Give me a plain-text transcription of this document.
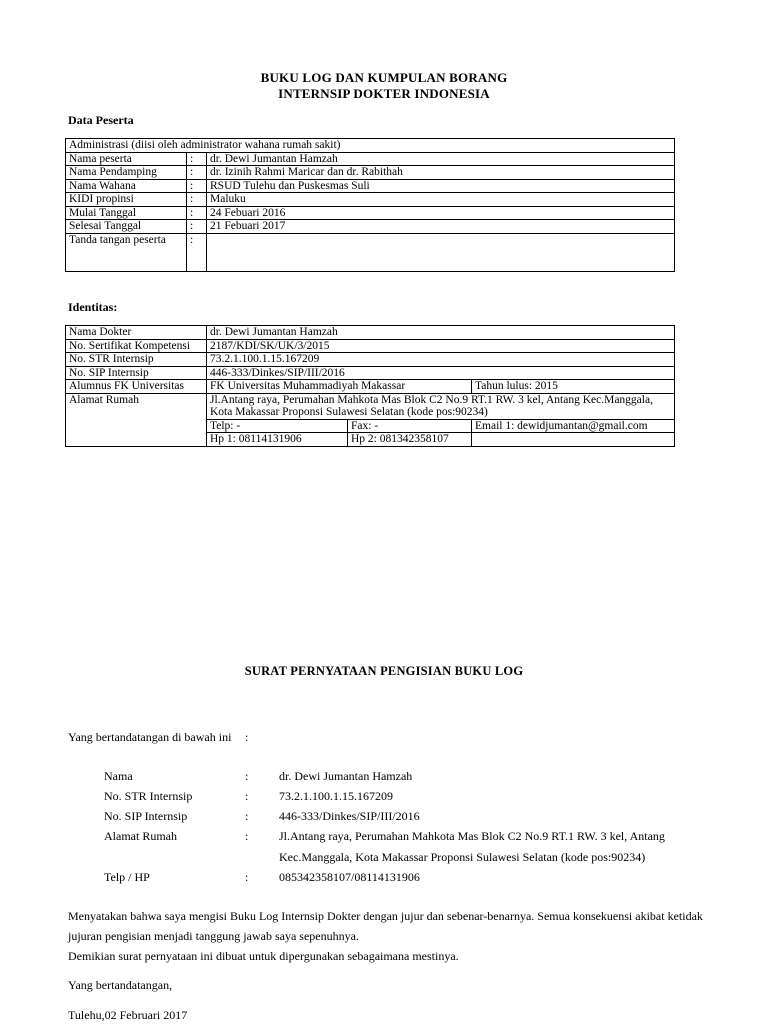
BUKU LOG DAN KUMPULAN BORANG
INTERNSIP DOKTER INDONESIA
Data Peserta
Administrasi (diisi oleh administrator wahana rumah sakit)		
Nama peserta	:	dr. Dewi Jumantan Hamzah
Nama Pendamping	:	dr. Izinih Rahmi Maricar dan dr. Rabithah
Nama Wahana	:	RSUD Tulehu dan Puskesmas Suli
KIDI propinsi	:	Maluku
Mulai Tanggal	:	24 Febuari 2016
Selesai Tanggal	:	21 Febuari 2017
Tanda tangan peserta	:	
Identitas:
Nama Dokter	dr. Dewi Jumantan Hamzah		
No. Sertifikat Kompetensi	2187/KDI/SK/UK/3/2015		
No. STR Internsip	73.2.1.100.1.15.167209		
No. SIP Internsip	446-333/Dinkes/SIP/III/2016		
Alumnus FK Universitas	FK Universitas Muhammadiyah Makassar		Tahun lulus: 2015
Alamat Rumah	Jl.Antang raya, Perumahan Mahkota Mas Blok C2 No.9 RT.1 RW. 3 kel, Antang Kec.Manggala, Kota Makassar Proponsi Sulawesi Selatan (kode pos:90234)		
	Telp: -	Fax: -	Email 1: dewidjumantan@gmail.com
	Hp 1: 08114131906	Hp 2: 081342358107	
SURAT PERNYATAAN PENGISIAN BUKU LOG
Yang bertandatangan di bawah ini :
Nama	:	dr. Dewi Jumantan Hamzah
No. STR Internsip	:	73.2.1.100.1.15.167209
No. SIP Internsip	:	446-333/Dinkes/SIP/III/2016
Alamat Rumah	:	Jl.Antang raya, Perumahan Mahkota Mas Blok C2 No.9 RT.1 RW. 3 kel, Antang
Kec.Manggala, Kota Makassar Proponsi Sulawesi Selatan (kode pos:90234)
Telp / HP	:	085342358107/08114131906
Menyatakan bahwa saya mengisi Buku Log Internsip Dokter dengan jujur dan sebenar-benarnya. Semua konsekuensi akibat ketidak
jujuran pengisian menjadi tanggung jawab saya sepenuhnya.
Demikian surat pernyataan ini dibuat untuk dipergunakan sebagaimana mestinya.
Yang bertandatangan,
Tulehu,02 Februari 2017
